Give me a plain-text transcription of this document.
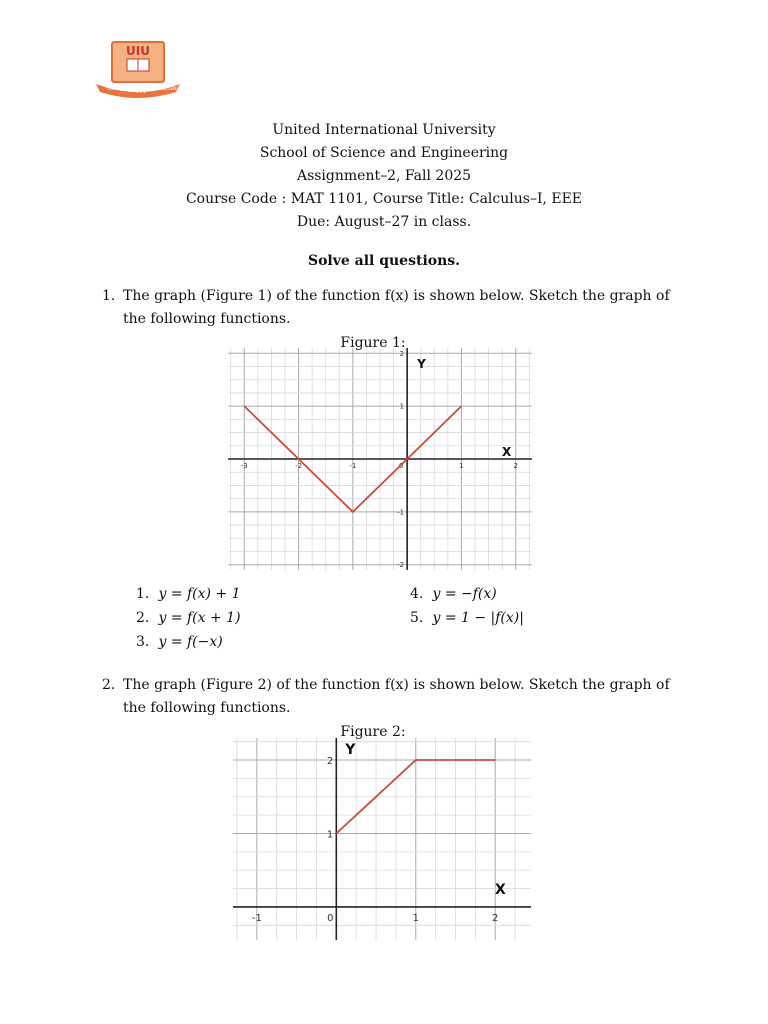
UIU
QUALITY
• • •
EXCELLENCE
United International University
School of Science and Engineering
Assignment–2, Fall 2025
Course Code : MAT 1101, Course Title: Calculus–I, EEE
Due: August–27 in class.
Solve all questions.
1. The graph (Figure 1) of the function f(x) is shown below. Sketch the graph of the following functions.
Figure 1:
-3	-2	-1	0	1	2
2
1
-1
-2
X
Y
1. y = f(x) + 1
2. y = f(x + 1)
3. y = f(−x)
4. y = −f(x)
5. y = 1 − |f(x)|
2. The graph (Figure 2) of the function f(x) is shown below. Sketch the graph of the following functions.
Figure 2:
-1	0	1	2
2
1
X
Y
